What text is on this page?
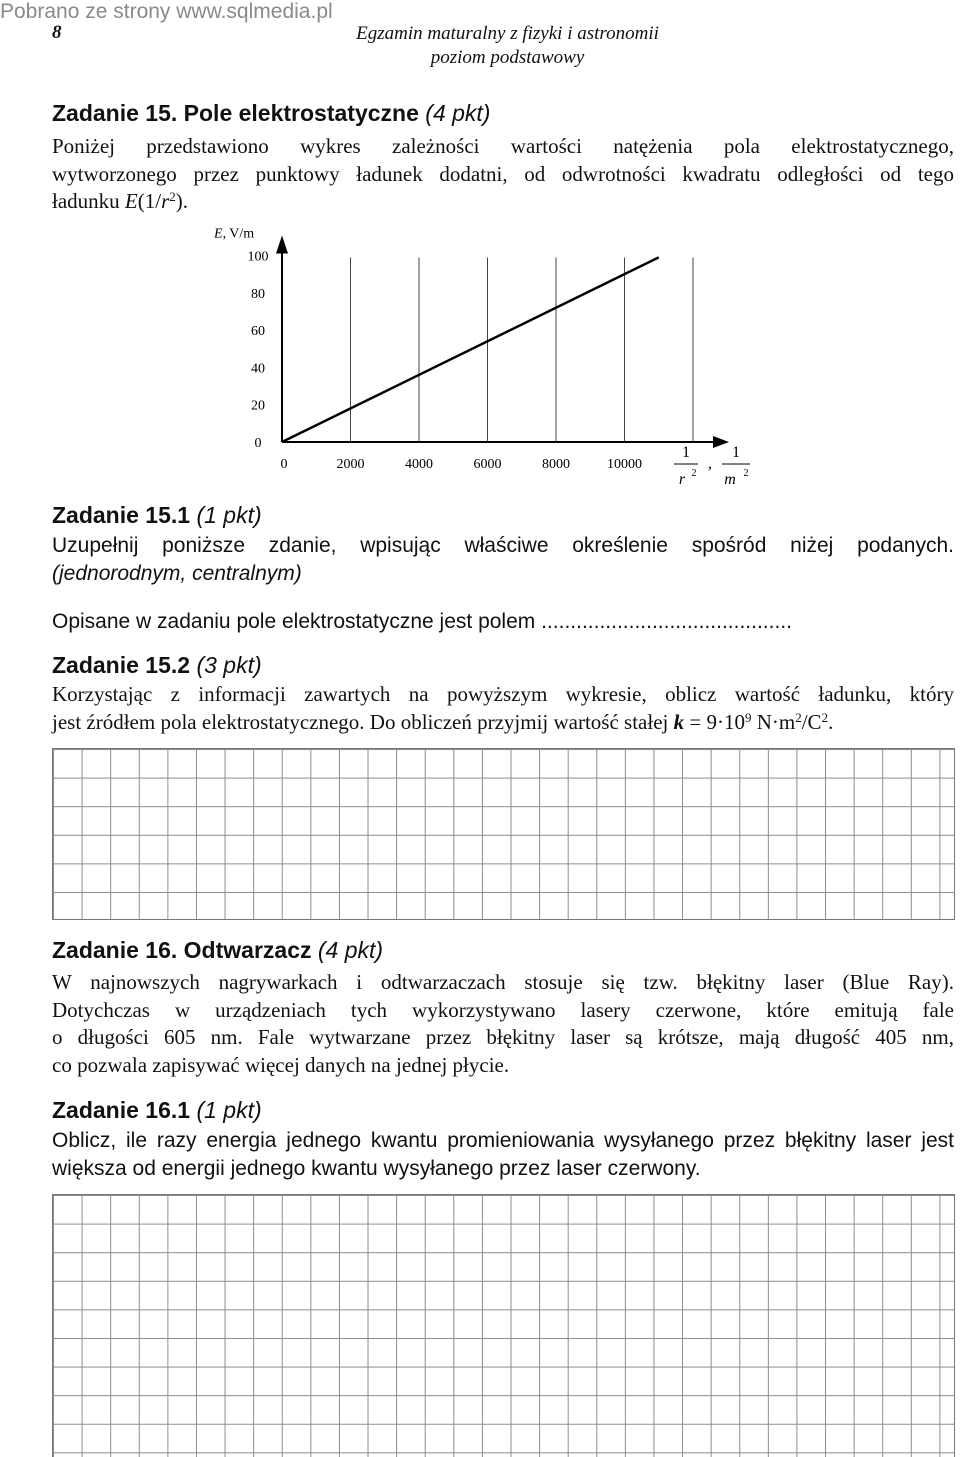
Pobrano ze strony www.sqlmedia.pl
8	Egzamin maturalny z fizyki i astronomii
poziom podstawowy
Zadanie 15. Pole elektrostatyczne (4 pkt)
Poniżej przedstawiono wykres zależności wartości natężenia pola elektrostatycznego,
wytworzonego przez punktowy ładunek dodatni, od odwrotności kwadratu odległości od tego
ładunku $E(1/r^2)$.
E, V/m
100
80
60
40
20
0
0	2000	4000	6000	8000	10000
1
r 2
,
1
m 2
Zadanie 15.1 (1 pkt)
Uzupełnij poniższe zdanie, wpisując właściwe określenie spośród niżej podanych.
(jednorodnym, centralnym)
Opisane w zadaniu pole elektrostatyczne jest polem ...........................................
Zadanie 15.2 (3 pkt)
Korzystając z informacji zawartych na powyższym wykresie, oblicz wartość ładunku, który
jest źródłem pola elektrostatycznego. Do obliczeń przyjmij wartość stałej $k = 9\cdot 10^9$ $N\cdot m^2/C^2$.
Zadanie 16. Odtwarzacz (4 pkt)
W najnowszych nagrywarkach i odtwarzaczach stosuje się tzw. błękitny laser (Blue Ray).
Dotychczas w urządzeniach tych wykorzystywano lasery czerwone, które emitują fale
o długości 605 nm. Fale wytwarzane przez błękitny laser są krótsze, mają długość 405 nm,
co pozwala zapisywać więcej danych na jednej płycie.
Zadanie 16.1 (1 pkt)
Oblicz, ile razy energia jednego kwantu promieniowania wysyłanego przez błękitny laser jest
większa od energii jednego kwantu wysyłanego przez laser czerwony.
